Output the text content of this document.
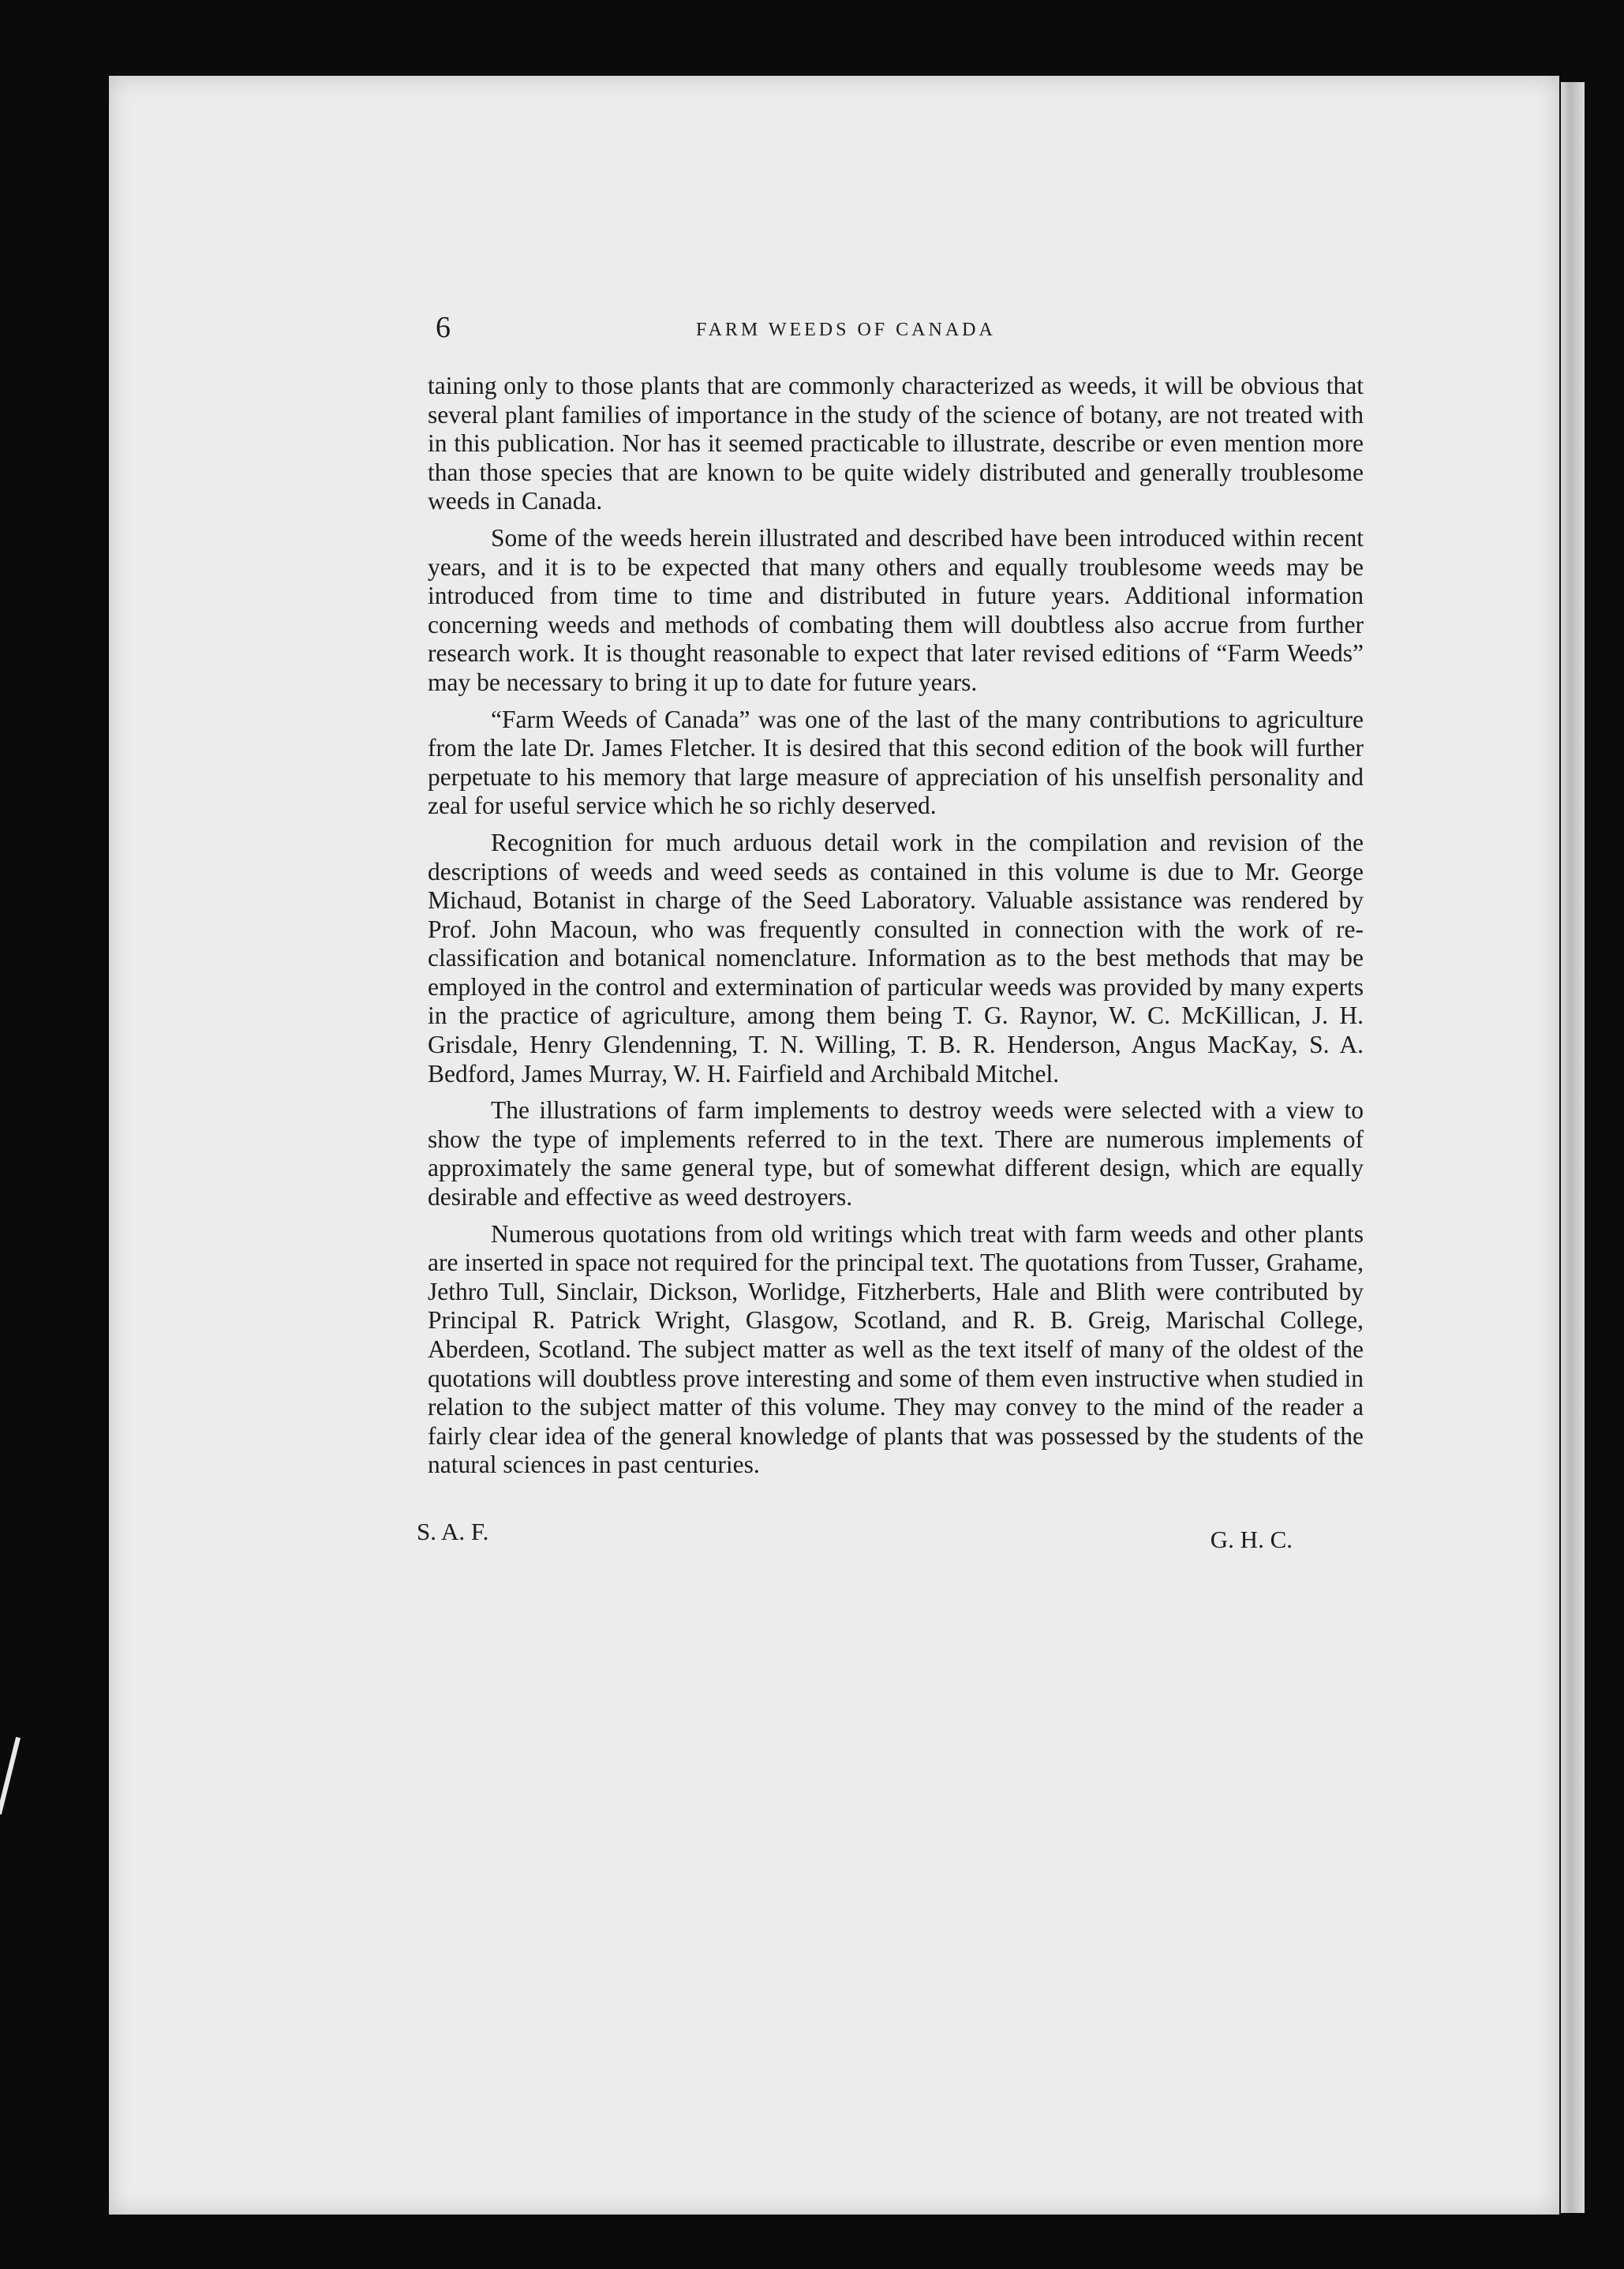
6	FARM WEEDS OF CANADA

taining only to those plants that are commonly characterized as weeds, it will be obvious that several plant families of importance in the study of the science of botany, are not treated with in this publication. Nor has it seemed practicable to illustrate, describe or even mention more than those species that are known to be quite widely distributed and generally troublesome weeds in Canada.

Some of the weeds herein illustrated and described have been introduced within recent years, and it is to be expected that many others and equally troublesome weeds may be introduced from time to time and distributed in future years. Additional information concerning weeds and methods of combating them will doubtless also accrue from further research work. It is thought reasonable to expect that later revised editions of “Farm Weeds” may be necessary to bring it up to date for future years.

“Farm Weeds of Canada” was one of the last of the many contributions to agriculture from the late Dr. James Fletcher. It is desired that this second edition of the book will further perpetuate to his memory that large measure of appreciation of his unselfish personality and zeal for useful service which he so richly deserved.

Recognition for much arduous detail work in the compilation and revision of the descriptions of weeds and weed seeds as contained in this volume is due to Mr. George Michaud, Botanist in charge of the Seed Laboratory. Valuable assistance was rendered by Prof. John Macoun, who was frequently consulted in connection with the work of re-classification and botanical nomenclature. Information as to the best methods that may be employed in the control and extermination of particular weeds was provided by many experts in the practice of agriculture, among them being T. G. Raynor, W. C. McKillican, J. H. Grisdale, Henry Glendenning, T. N. Willing, T. B. R. Henderson, Angus MacKay, S. A. Bedford, James Murray, W. H. Fairfield and Archibald Mitchel.

The illustrations of farm implements to destroy weeds were selected with a view to show the type of implements referred to in the text. There are numerous implements of approximately the same general type, but of somewhat different design, which are equally desirable and effective as weed destroyers.

Numerous quotations from old writings which treat with farm weeds and other plants are inserted in space not required for the principal text. The quotations from Tusser, Grahame, Jethro Tull, Sinclair, Dickson, Worlidge, Fitzherberts, Hale and Blith were contributed by Principal R. Patrick Wright, Glasgow, Scotland, and R. B. Greig, Marischal College, Aberdeen, Scotland. The subject matter as well as the text itself of many of the oldest of the quotations will doubtless prove interesting and some of them even instructive when studied in relation to the subject matter of this volume. They may convey to the mind of the reader a fairly clear idea of the general knowledge of plants that was possessed by the students of the natural sciences in past centuries.

S. A. F.	G. H. C.
